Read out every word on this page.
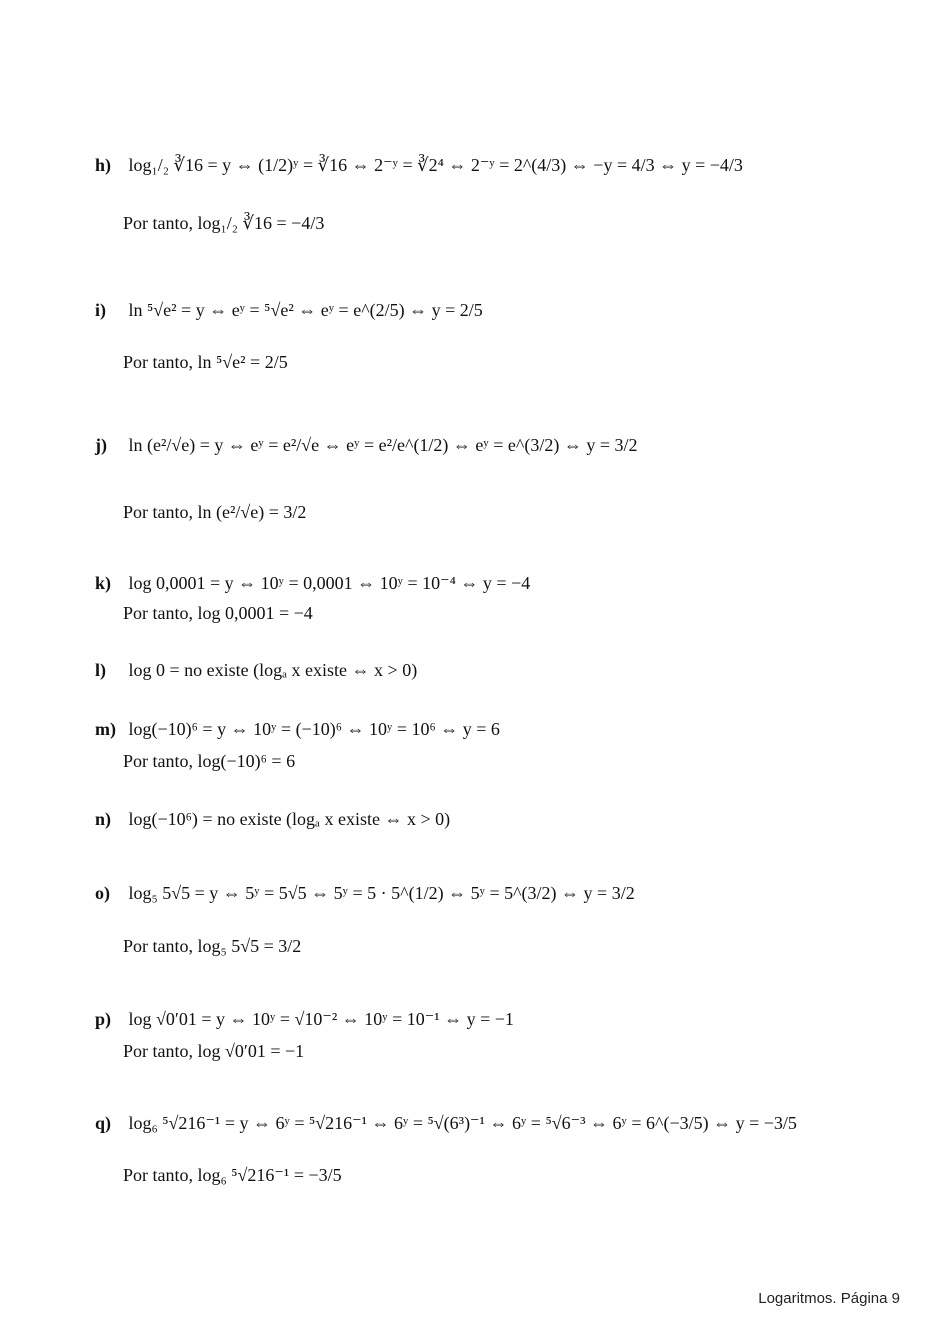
h) log₁/₂ ∛16 = y ⇔ (1/2)ʸ = ∛16 ⇔ 2⁻ʸ = ∛2⁴ ⇔ 2⁻ʸ = 2^(4/3) ⇔ −y = 4/3 ⇔ y = −4/3
Por tanto, log₁/₂ ∛16 = −4/3
i) ln ⁵√e² = y ⇔ eʸ = ⁵√e² ⇔ eʸ = e^(2/5) ⇔ y = 2/5
Por tanto, ln ⁵√e² = 2/5
j) ln (e²/√e) = y ⇔ eʸ = e²/√e ⇔ eʸ = e²/e^(1/2) ⇔ eʸ = e^(3/2) ⇔ y = 3/2
Por tanto, ln (e²/√e) = 3/2
k) log 0,0001 = y ⇔ 10ʸ = 0,0001 ⇔ 10ʸ = 10⁻⁴ ⇔ y = −4
Por tanto, log 0,0001 = −4
l) log 0 = no existe (logₐ x existe ⇔ x > 0)
m) log(−10)⁶ = y ⇔ 10ʸ = (−10)⁶ ⇔ 10ʸ = 10⁶ ⇔ y = 6
Por tanto, log(−10)⁶ = 6
n) log(−10⁶) = no existe (logₐ x existe ⇔ x > 0)
o) log₅ 5√5 = y ⇔ 5ʸ = 5√5 ⇔ 5ʸ = 5 · 5^(1/2) ⇔ 5ʸ = 5^(3/2) ⇔ y = 3/2
Por tanto, log₅ 5√5 = 3/2
p) log √0′01 = y ⇔ 10ʸ = √10⁻² ⇔ 10ʸ = 10⁻¹ ⇔ y = −1
Por tanto, log √0′01 = −1
q) log₆ ⁵√216⁻¹ = y ⇔ 6ʸ = ⁵√216⁻¹ ⇔ 6ʸ = ⁵√(6³)⁻¹ ⇔ 6ʸ = ⁵√6⁻³ ⇔ 6ʸ = 6^(−3/5) ⇔ y = −3/5
Por tanto, log₆ ⁵√216⁻¹ = −3/5
Logaritmos. Página 9
